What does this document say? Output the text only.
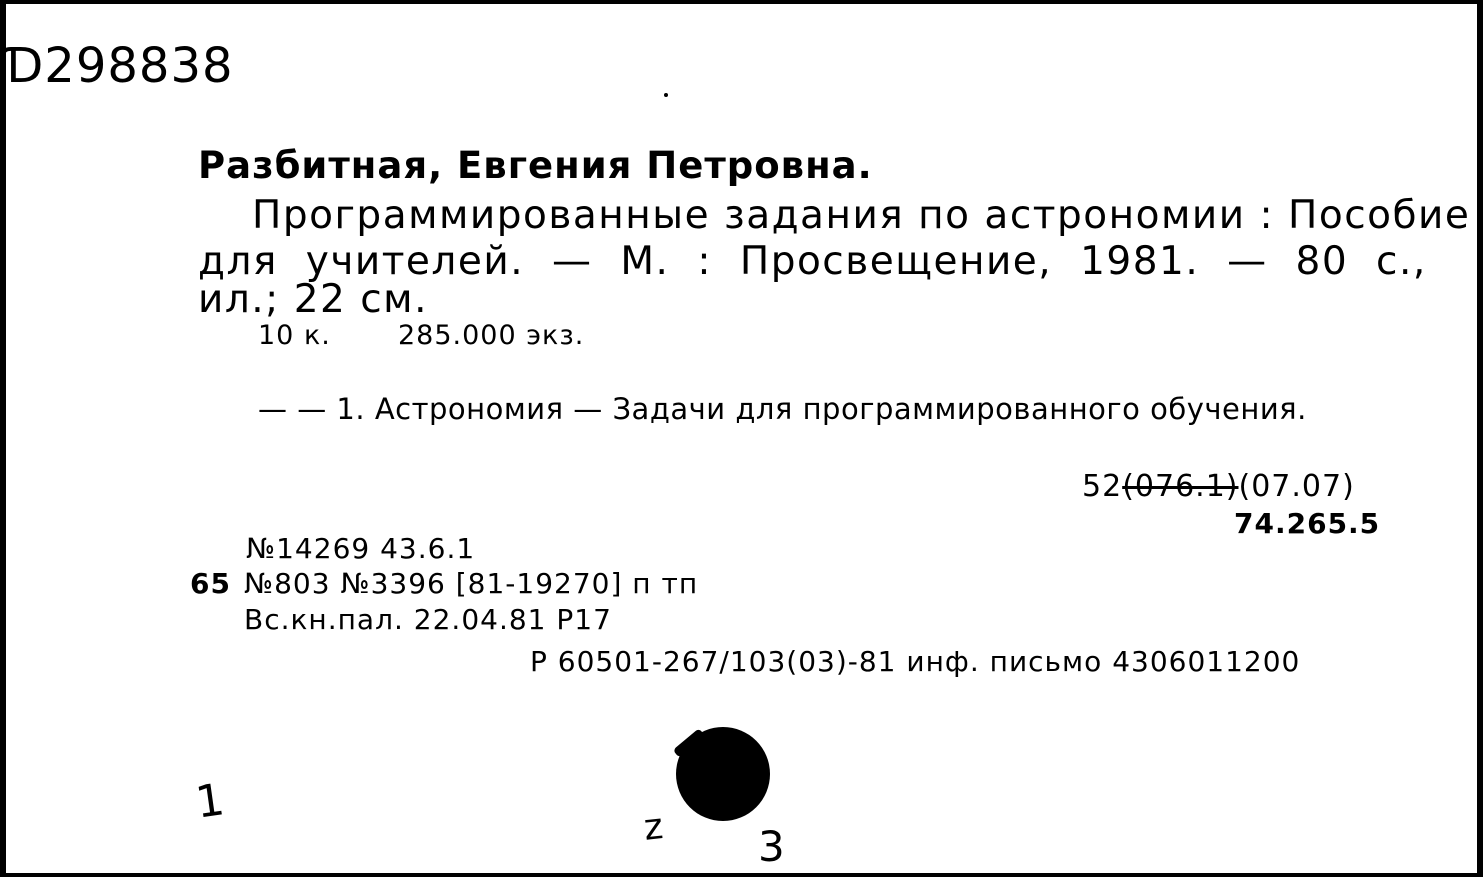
Ɗ298838
Разбитная, Евгения Петровна.
Программированные задания по астрономии : Пособие
для учителей. — М. : Просвещение, 1981. — 80 с.,
ил.; 22 см.
10 к. 285.000 экз.
— — 1. Астрономия — Задачи для программированного обучения.
52(076.1)(07.07)
74.265.5
№14269 43.6.1
65 №803 №3396 [81-19270] п тп
Вс.кн.пал. 22.04.81 Р17
Р 60501-267/103(03)-81 инф. письмо 4306011200
1	z 3
